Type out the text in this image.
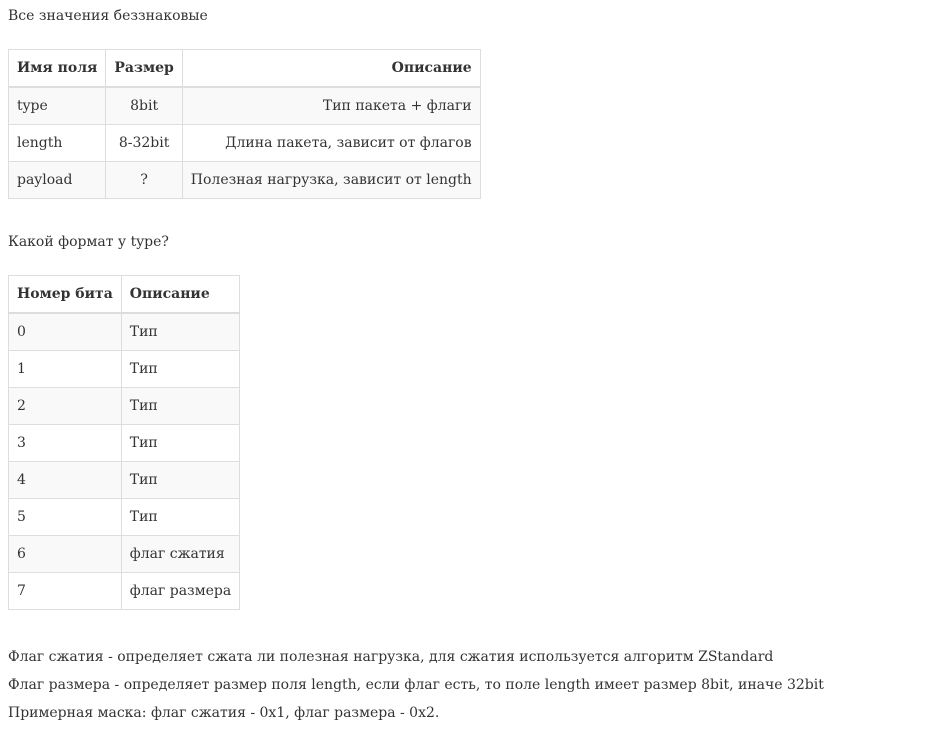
Все значения беззнаковые

Имя поля	Размер	Описание
type	8bit	Тип пакета + флаги
length	8-32bit	Длина пакета, зависит от флагов
payload	?	Полезная нагрузка, зависит от length

Какой формат у type?

Номер бита	Описание
0	Тип
1	Тип
2	Тип
3	Тип
4	Тип
5	Тип
6	флаг сжатия
7	флаг размера

Флаг сжатия - определяет сжата ли полезная нагрузка, для сжатия используется алгоритм ZStandard

Флаг размера - определяет размер поля length, если флаг есть, то поле length имеет размер 8bit, иначе 32bit

Примерная маска: флаг сжатия - 0x1, флаг размера - 0x2.
